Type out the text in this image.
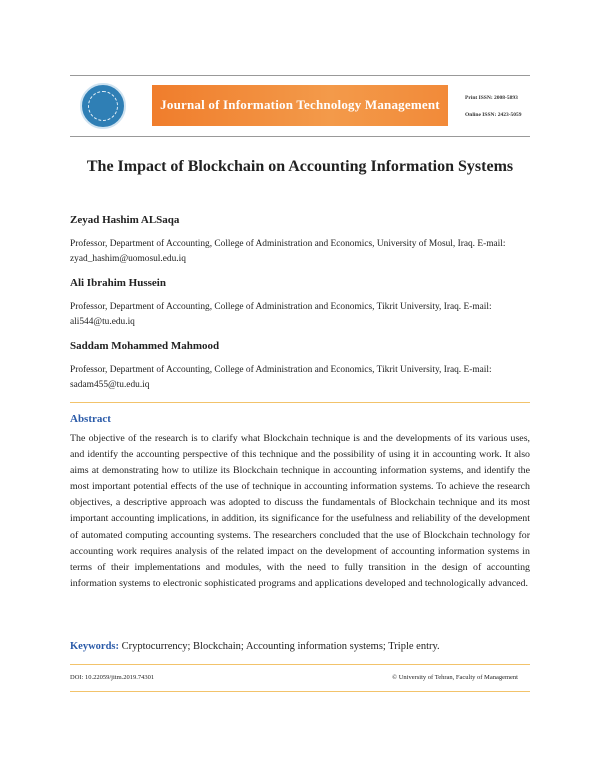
Journal of Information Technology Management	Print ISSN: 2008-5893
Online ISSN: 2423-5059
The Impact of Blockchain on Accounting Information Systems
Zeyad Hashim ALSaqa
Professor, Department of Accounting, College of Administration and Economics, University of Mosul, Iraq. E-mail: zyad_hashim@uomosul.edu.iq
Ali Ibrahim Hussein
Professor, Department of Accounting, College of Administration and Economics, Tikrit University, Iraq. E-mail: ali544@tu.edu.iq
Saddam Mohammed Mahmood
Professor, Department of Accounting, College of Administration and Economics, Tikrit University, Iraq. E-mail: sadam455@tu.edu.iq
Abstract
The objective of the research is to clarify what Blockchain technique is and the developments of its various uses, and identify the accounting perspective of this technique and the possibility of using it in accounting work. It also aims at demonstrating how to utilize its Blockchain technique in accounting information systems, and identify the most important potential effects of the use of technique in accounting information systems. To achieve the research objectives, a descriptive approach was adopted to discuss the fundamentals of Blockchain technique and its most important accounting implications, in addition, its significance for the usefulness and reliability of the development of automated computing accounting systems. The researchers concluded that the use of Blockchain technology for accounting work requires analysis of the related impact on the development of accounting information systems in terms of their implementations and modules, with the need to fully transition in the design of accounting information systems to electronic sophisticated programs and applications developed and technologically advanced.
Keywords: Cryptocurrency; Blockchain; Accounting information systems; Triple entry.
DOI: 10.22059/jitm.2019.74301	© University of Tehran, Faculty of Management
